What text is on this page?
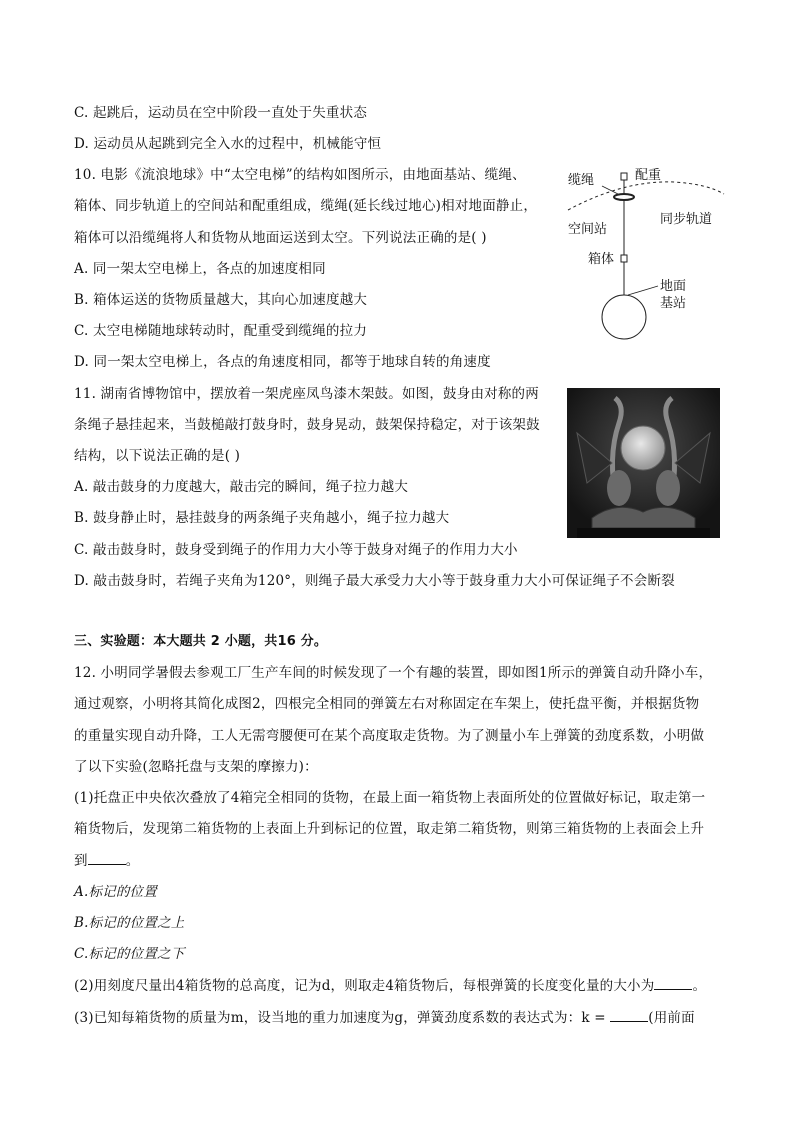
C. 起跳后，运动员在空中阶段一直处于失重状态
D. 运动员从起跳到完全入水的过程中，机械能守恒
10. 电影《流浪地球》中“太空电梯”的结构如图所示，由地面基站、缆绳、
箱体、同步轨道上的空间站和配重组成，缆绳(延长线过地心)相对地面静止，
箱体可以沿缆绳将人和货物从地面运送到太空。下列说法正确的是( )
A. 同一架太空电梯上，各点的加速度相同
B. 箱体运送的货物质量越大，其向心加速度越大
C. 太空电梯随地球转动时，配重受到缆绳的拉力
D. 同一架太空电梯上，各点的角速度相同，都等于地球自转的角速度
11. 湖南省博物馆中，摆放着一架虎座凤鸟漆木架鼓。如图，鼓身由对称的两
条绳子悬挂起来，当鼓槌敲打鼓身时，鼓身晃动，鼓架保持稳定，对于该架鼓
结构，以下说法正确的是( )
A. 敲击鼓身的力度越大，敲击完的瞬间，绳子拉力越大
B. 鼓身静止时，悬挂鼓身的两条绳子夹角越小，绳子拉力越大
C. 敲击鼓身时，鼓身受到绳子的作用力大小等于鼓身对绳子的作用力大小
D. 敲击鼓身时，若绳子夹角为120°，则绳子最大承受力大小等于鼓身重力大小可保证绳子不会断裂
三、实验题：本大题共 2 小题，共16 分。
12. 小明同学暑假去参观工厂生产车间的时候发现了一个有趣的装置，即如图1所示的弹簧自动升降小车，
通过观察，小明将其简化成图2，四根完全相同的弹簧左右对称固定在车架上，使托盘平衡，并根据货物
的重量实现自动升降，工人无需弯腰便可在某个高度取走货物。为了测量小车上弹簧的劲度系数，小明做
了以下实验(忽略托盘与支架的摩擦力)：
(1)托盘正中央依次叠放了4箱完全相同的货物，在最上面一箱货物上表面所处的位置做好标记，取走第一
箱货物后，发现第二箱货物的上表面上升到标记的位置，取走第二箱货物，则第三箱货物的上表面会上升
到	。
A.标记的位置
B.标记的位置之上
C.标记的位置之下
(2)用刻度尺量出4箱货物的总高度，记为d，则取走4箱货物后，每根弹簧的长度变化量的大小为	。
(3)已知每箱货物的质量为m，设当地的重力加速度为g，弹簧劲度系数的表达式为：k =	(用前面
缆绳	配重
空间站
同步轨道
箱体
地面
基站
